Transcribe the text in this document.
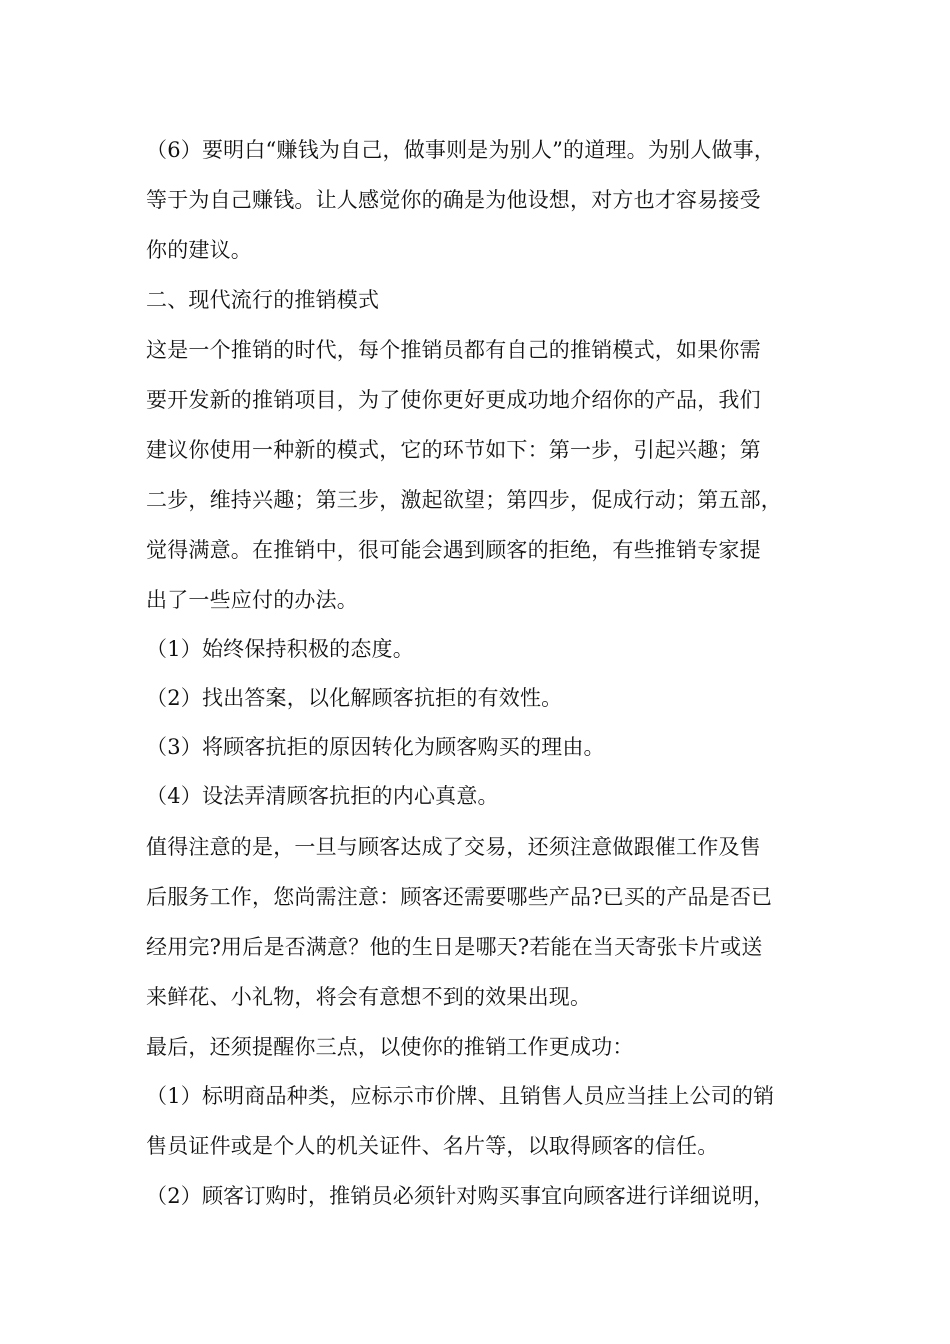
（6）要明白“赚钱为自己，做事则是为别人”的道理。为别人做事，

等于为自己赚钱。让人感觉你的确是为他设想，对方也才容易接受

你的建议。

二、现代流行的推销模式

这是一个推销的时代，每个推销员都有自己的推销模式，如果你需

要开发新的推销项目，为了使你更好更成功地介绍你的产品，我们

建议你使用一种新的模式，它的环节如下：第一步，引起兴趣；第

二步，维持兴趣；第三步，激起欲望；第四步，促成行动；第五部，

觉得满意。在推销中，很可能会遇到顾客的拒绝，有些推销专家提

出了一些应付的办法。

（1）始终保持积极的态度。

（2）找出答案，以化解顾客抗拒的有效性。

（3）将顾客抗拒的原因转化为顾客购买的理由。

（4）设法弄清顾客抗拒的内心真意。

值得注意的是，一旦与顾客达成了交易，还须注意做跟催工作及售

后服务工作，您尚需注意：顾客还需要哪些产品?已买的产品是否已

经用完?用后是否满意？他的生日是哪天?若能在当天寄张卡片或送

来鲜花、小礼物，将会有意想不到的效果出现。

最后，还须提醒你三点，以使你的推销工作更成功：

（1）标明商品种类，应标示市价牌、且销售人员应当挂上公司的销

售员证件或是个人的机关证件、名片等，以取得顾客的信任。

（2）顾客订购时，推销员必须针对购买事宜向顾客进行详细说明，
